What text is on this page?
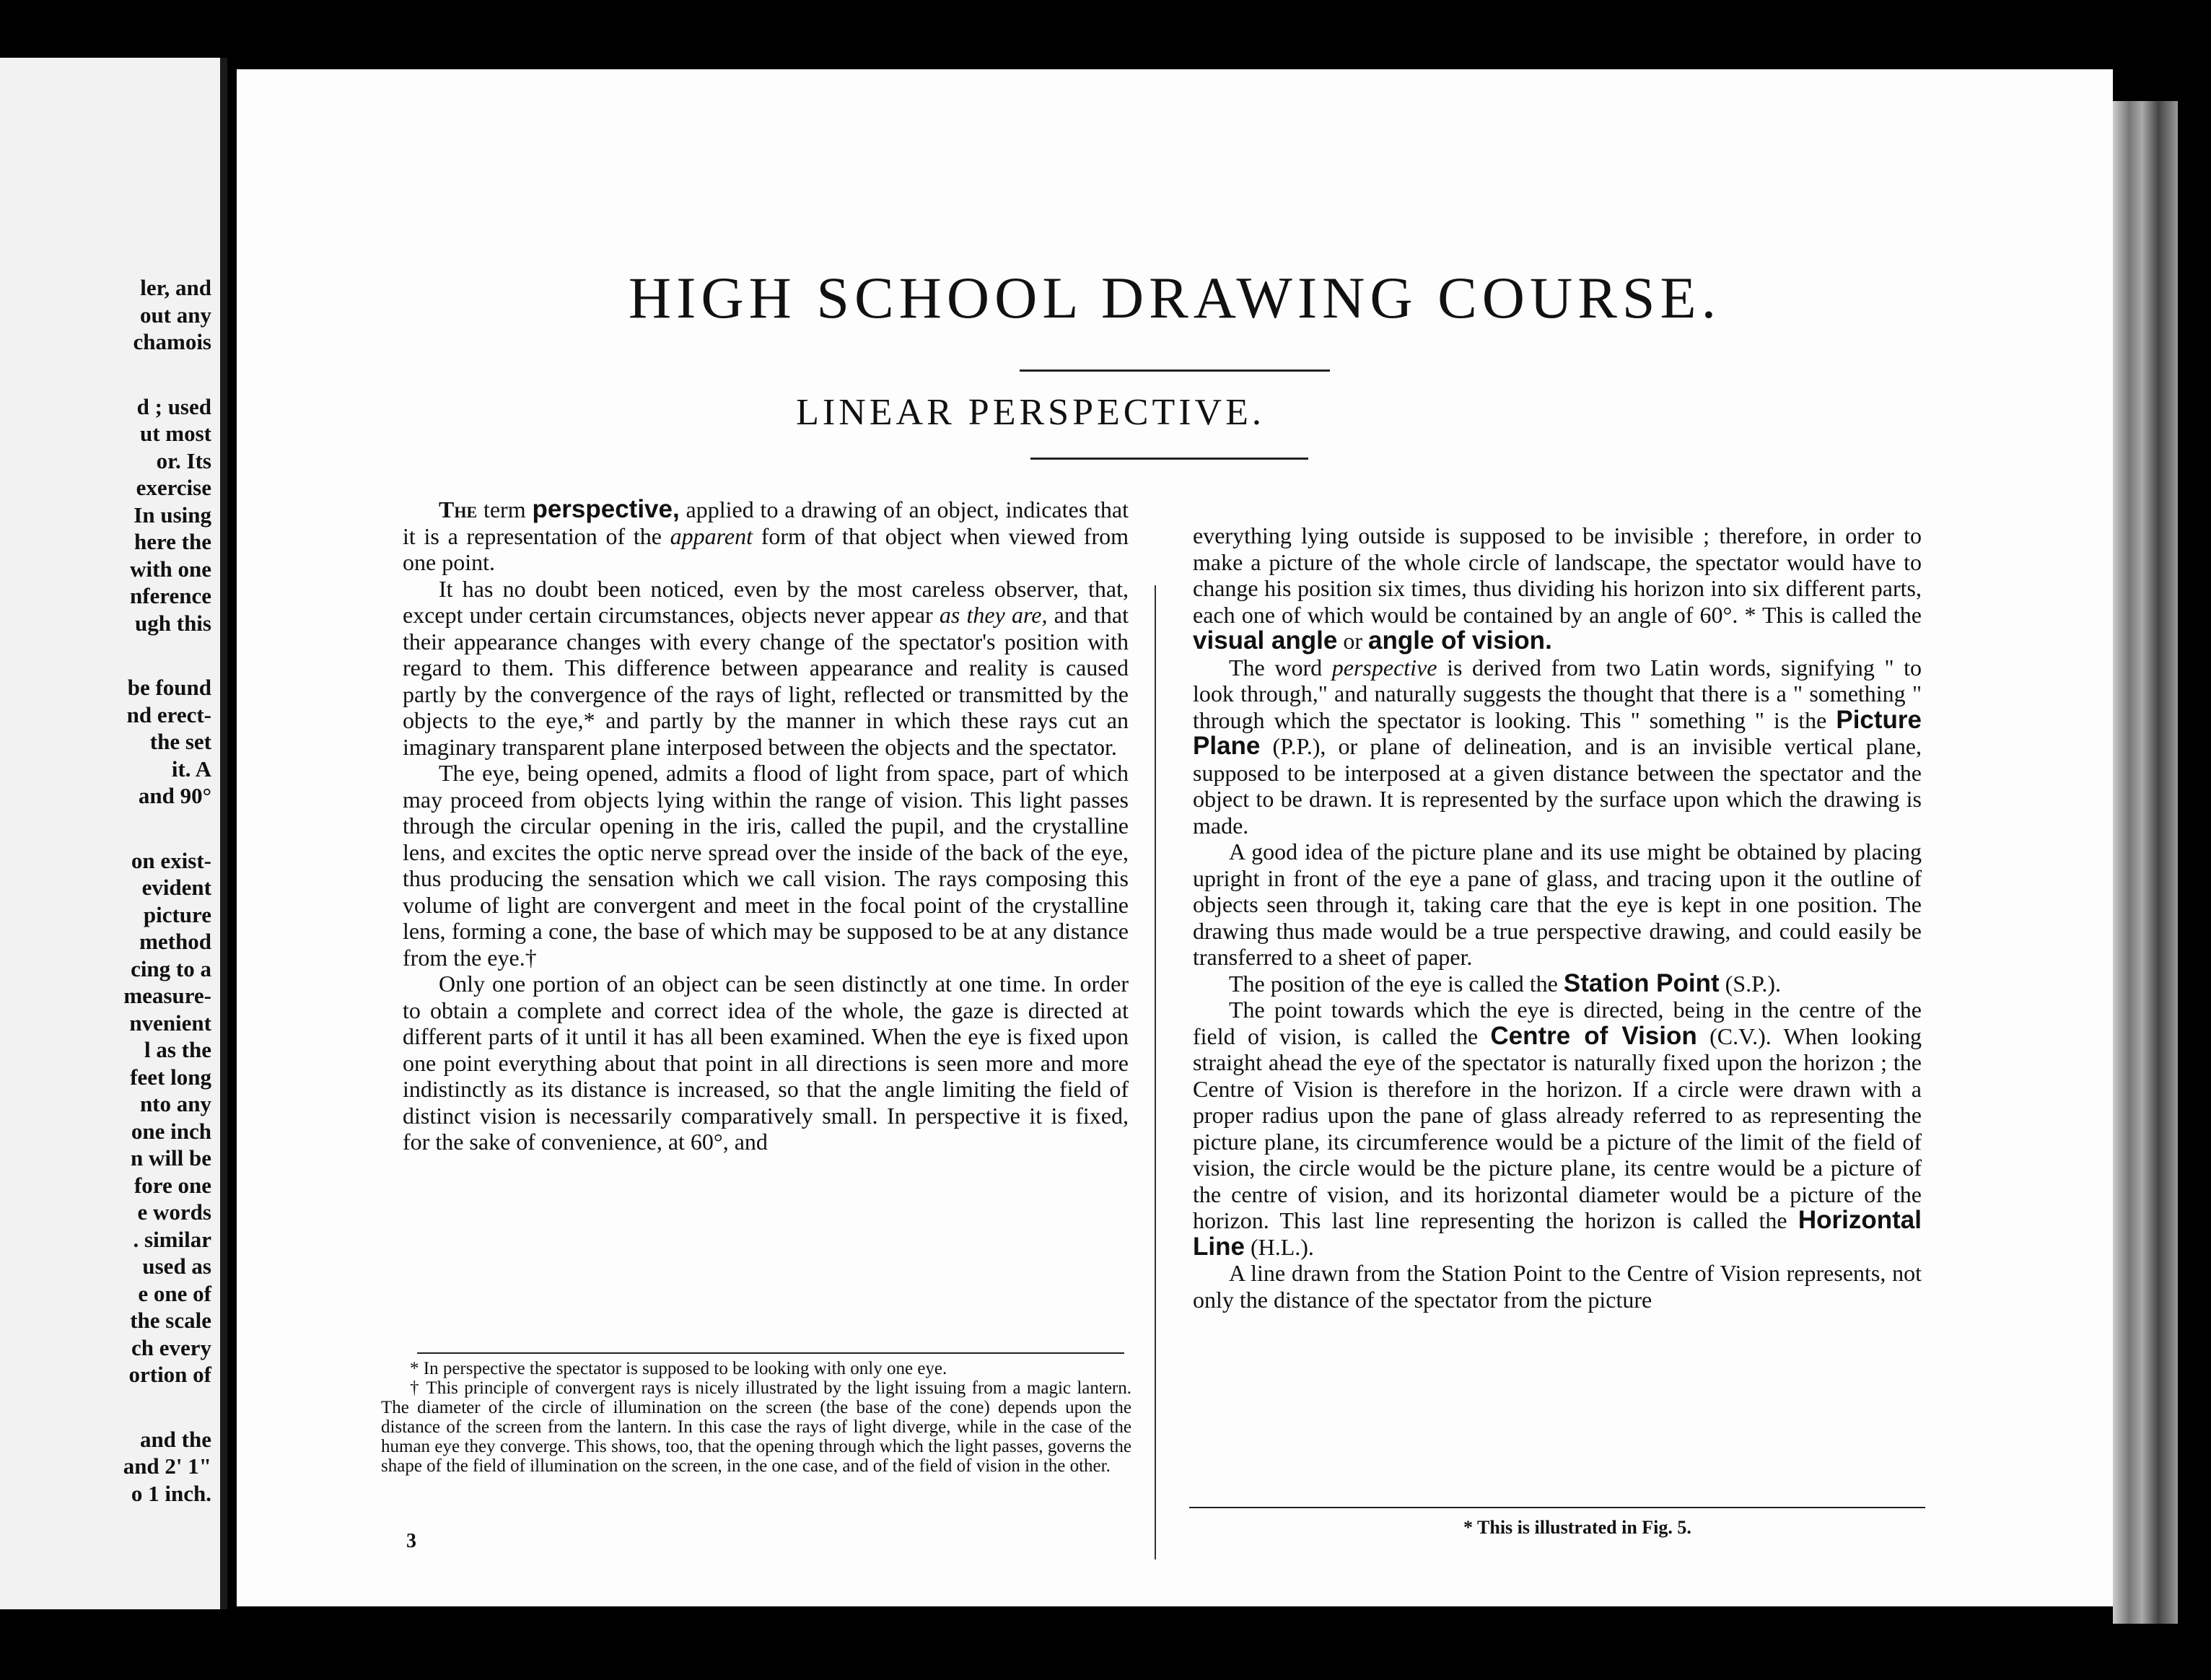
ler, and
out any
chamois
d ; used
ut most
or. Its
exercise
In using
here the
with one
nference
ugh this
be found
nd erect-
the set
it. A
and 90°
on exist-
evident
picture
method
cing to a
measure-
nvenient
l as the
feet long
nto any
one inch
n will be
fore one
e words
. similar
used as
e one of
the scale
ch every
ortion of
and the
and 2' 1"
o 1 inch.
HIGH SCHOOL DRAWING COURSE.
LINEAR PERSPECTIVE.

The term perspective, applied to a drawing of an object, indicates that it is a representation of the apparent form of that object when viewed from one point.

It has no doubt been noticed, even by the most careless observer, that, except under certain circumstances, objects never appear as they are, and that their appearance changes with every change of the spectator's position with regard to them. This difference between appearance and reality is caused partly by the convergence of the rays of light, reflected or transmitted by the objects to the eye,* and partly by the manner in which these rays cut an imaginary transparent plane interposed between the objects and the spectator.

The eye, being opened, admits a flood of light from space, part of which may proceed from objects lying within the range of vision. This light passes through the circular opening in the iris, called the pupil, and the crystalline lens, and excites the optic nerve spread over the inside of the back of the eye, thus producing the sensation which we call vision. The rays composing this volume of light are convergent and meet in the focal point of the crystalline lens, forming a cone, the base of which may be supposed to be at any distance from the eye.†

Only one portion of an object can be seen distinctly at one time. In order to obtain a complete and correct idea of the whole, the gaze is directed at different parts of it until it has all been examined. When the eye is fixed upon one point everything about that point in all directions is seen more and more indistinctly as its distance is increased, so that the angle limiting the field of distinct vision is necessarily comparatively small. In perspective it is fixed, for the sake of convenience, at 60°, and

* In perspective the spectator is supposed to be looking with only one eye.

† This principle of convergent rays is nicely illustrated by the light issuing from a magic lantern. The diameter of the circle of illumination on the screen (the base of the cone) depends upon the distance of the screen from the lantern. In this case the rays of light diverge, while in the case of the human eye they converge. This shows, too, that the opening through which the light passes, governs the shape of the field of illumination on the screen, in the one case, and of the field of vision in the other.

3

everything lying outside is supposed to be invisible ; therefore, in order to make a picture of the whole circle of landscape, the spectator would have to change his position six times, thus dividing his horizon into six different parts, each one of which would be contained by an angle of 60°. * This is called the visual angle or angle of vision.

The word perspective is derived from two Latin words, signifying " to look through," and naturally suggests the thought that there is a " something " through which the spectator is looking. This " something " is the Picture Plane (P.P.), or plane of delineation, and is an invisible vertical plane, supposed to be interposed at a given distance between the spectator and the object to be drawn. It is represented by the surface upon which the drawing is made.

A good idea of the picture plane and its use might be obtained by placing upright in front of the eye a pane of glass, and tracing upon it the outline of objects seen through it, taking care that the eye is kept in one position. The drawing thus made would be a true perspective drawing, and could easily be transferred to a sheet of paper.

The position of the eye is called the Station Point (S.P.).

The point towards which the eye is directed, being in the centre of the field of vision, is called the Centre of Vision (C.V.). When looking straight ahead the eye of the spectator is naturally fixed upon the horizon ; the Centre of Vision is therefore in the horizon. If a circle were drawn with a proper radius upon the pane of glass already referred to as representing the picture plane, its circumference would be a picture of the limit of the field of vision, the circle would be the picture plane, its centre would be a picture of the centre of vision, and its horizontal diameter would be a picture of the horizon. This last line representing the horizon is called the Horizontal Line (H.L.).

A line drawn from the Station Point to the Centre of Vision represents, not only the distance of the spectator from the picture

* This is illustrated in Fig. 5.
